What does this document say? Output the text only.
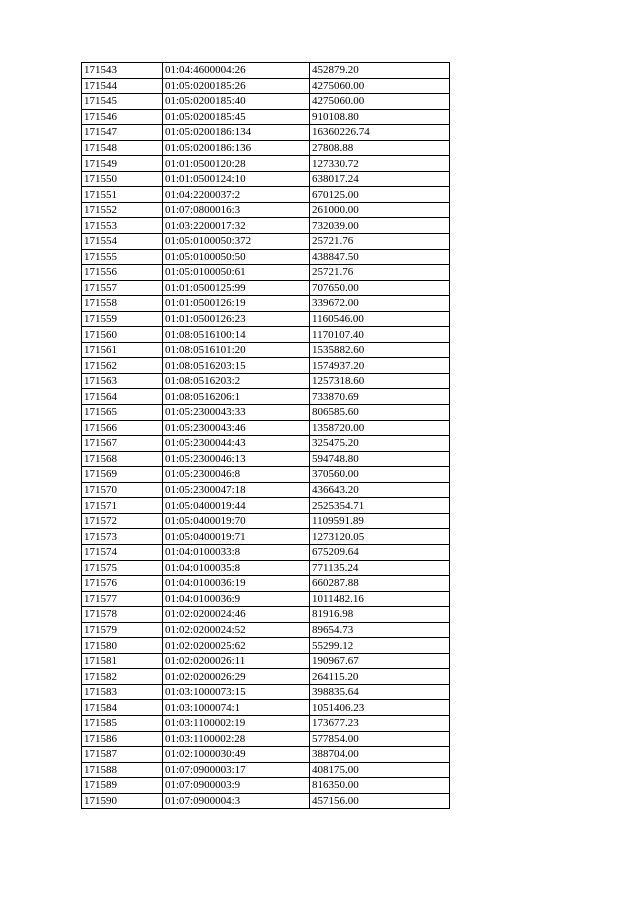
171543	01:04:4600004:26	452879.20
171544	01:05:0200185:26	4275060.00
171545	01:05:0200185:40	4275060.00
171546	01:05:0200185:45	910108.80
171547	01:05:0200186:134	16360226.74
171548	01:05:0200186:136	27808.88
171549	01:01:0500120:28	127330.72
171550	01:01:0500124:10	638017.24
171551	01:04:2200037:2	670125.00
171552	01:07:0800016:3	261000.00
171553	01:03:2200017:32	732039.00
171554	01:05:0100050:372	25721.76
171555	01:05:0100050:50	438847.50
171556	01:05:0100050:61	25721.76
171557	01:01:0500125:99	707650.00
171558	01:01:0500126:19	339672.00
171559	01:01:0500126:23	1160546.00
171560	01:08:0516100:14	1170107.40
171561	01:08:0516101:20	1535882.60
171562	01:08:0516203:15	1574937.20
171563	01:08:0516203:2	1257318.60
171564	01:08:0516206:1	733870.69
171565	01:05:2300043:33	806585.60
171566	01:05:2300043:46	1358720.00
171567	01:05:2300044:43	325475.20
171568	01:05:2300046:13	594748.80
171569	01:05:2300046:8	370560.00
171570	01:05:2300047:18	436643.20
171571	01:05:0400019:44	2525354.71
171572	01:05:0400019:70	1109591.89
171573	01:05:0400019:71	1273120.05
171574	01:04:0100033:8	675209.64
171575	01:04:0100035:8	771135.24
171576	01:04:0100036:19	660287.88
171577	01:04:0100036:9	1011482.16
171578	01:02:0200024:46	81916.98
171579	01:02:0200024:52	89654.73
171580	01:02:0200025:62	55299.12
171581	01:02:0200026:11	190967.67
171582	01:02:0200026:29	264115.20
171583	01:03:1000073:15	398835.64
171584	01:03:1000074:1	1051406.23
171585	01:03:1100002:19	173677.23
171586	01:03:1100002:28	577854.00
171587	01:02:1000030:49	388704.00
171588	01:07:0900003:17	408175.00
171589	01:07:0900003:9	816350.00
171590	01:07:0900004:3	457156.00
